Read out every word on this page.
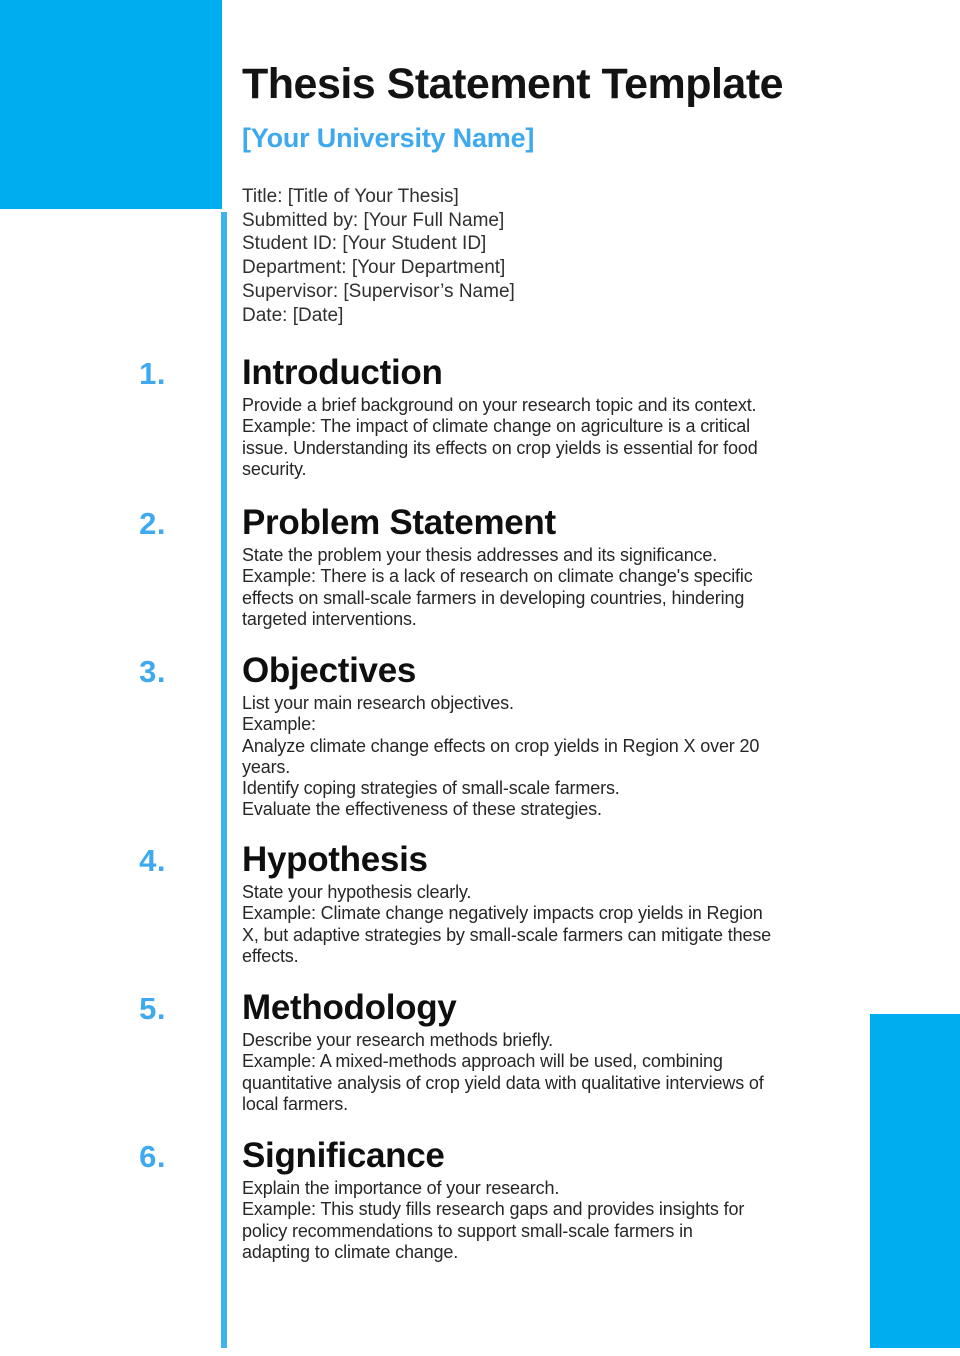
Thesis Statement Template
[Your University Name]
Title: [Title of Your Thesis]
Submitted by: [Your Full Name]
Student ID: [Your Student ID]
Department: [Your Department]
Supervisor: [Supervisor’s Name]
Date: [Date]
1. Introduction
Provide a brief background on your research topic and its context.
Example: The impact of climate change on agriculture is a critical
issue. Understanding its effects on crop yields is essential for food
security.
2. Problem Statement
State the problem your thesis addresses and its significance.
Example: There is a lack of research on climate change's specific
effects on small-scale farmers in developing countries, hindering
targeted interventions.
3. Objectives
List your main research objectives.
Example:
Analyze climate change effects on crop yields in Region X over 20
years.
Identify coping strategies of small-scale farmers.
Evaluate the effectiveness of these strategies.
4. Hypothesis
State your hypothesis clearly.
Example: Climate change negatively impacts crop yields in Region
X, but adaptive strategies by small-scale farmers can mitigate these
effects.
5. Methodology
Describe your research methods briefly.
Example: A mixed-methods approach will be used, combining
quantitative analysis of crop yield data with qualitative interviews of
local farmers.
6. Significance
Explain the importance of your research.
Example: This study fills research gaps and provides insights for
policy recommendations to support small-scale farmers in
adapting to climate change.
